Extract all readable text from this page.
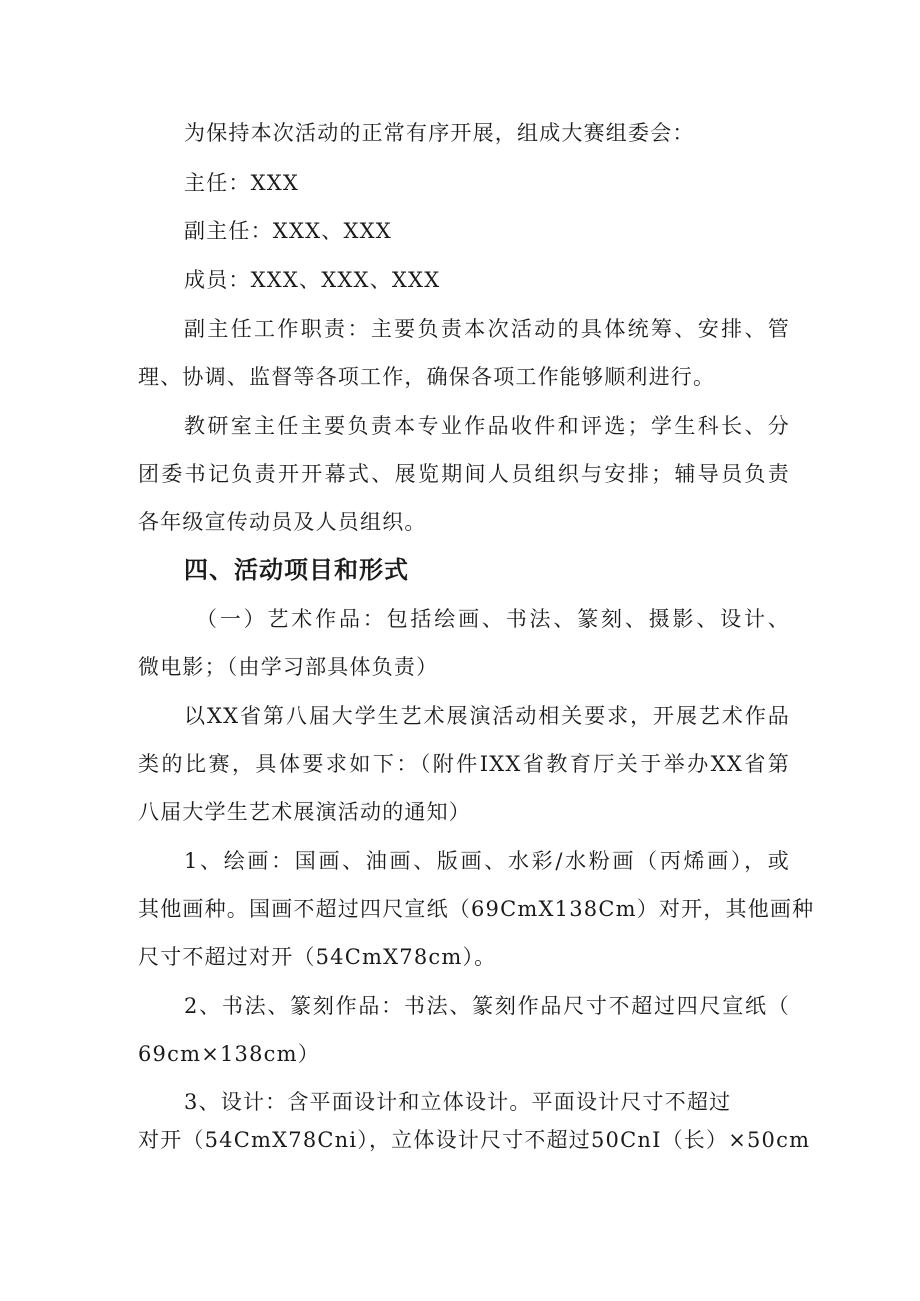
为保持本次活动的正常有序开展，组成大赛组委会：
主任：XXX
副主任：XXX、XXX
成员：XXX、XXX、XXX
副主任工作职责：主要负责本次活动的具体统筹、安排、管
理、协调、监督等各项工作，确保各项工作能够顺利进行。
教研室主任主要负责本专业作品收件和评选；学生科长、分
团委书记负责开开幕式、展览期间人员组织与安排；辅导员负责
各年级宣传动员及人员组织。
四、活动项目和形式
（一）艺术作品：包括绘画、书法、篆刻、摄影、设计、
微电影；（由学习部具体负责）
以XX省第八届大学生艺术展演活动相关要求，开展艺术作品
类的比赛，具体要求如下：（附件IXX省教育厅关于举办XX省第
八届大学生艺术展演活动的通知）
1、绘画：国画、油画、版画、水彩/水粉画（丙烯画），或
其他画种。国画不超过四尺宣纸（69CmX138Cm）对开，其他画种
尺寸不超过对开（54CmX78cm）。
2、书法、篆刻作品：书法、篆刻作品尺寸不超过四尺宣纸（
69cm×138cm）
3、设计：含平面设计和立体设计。平面设计尺寸不超过
对开（54CmX78Cni），立体设计尺寸不超过50CnI（长）×50cm
